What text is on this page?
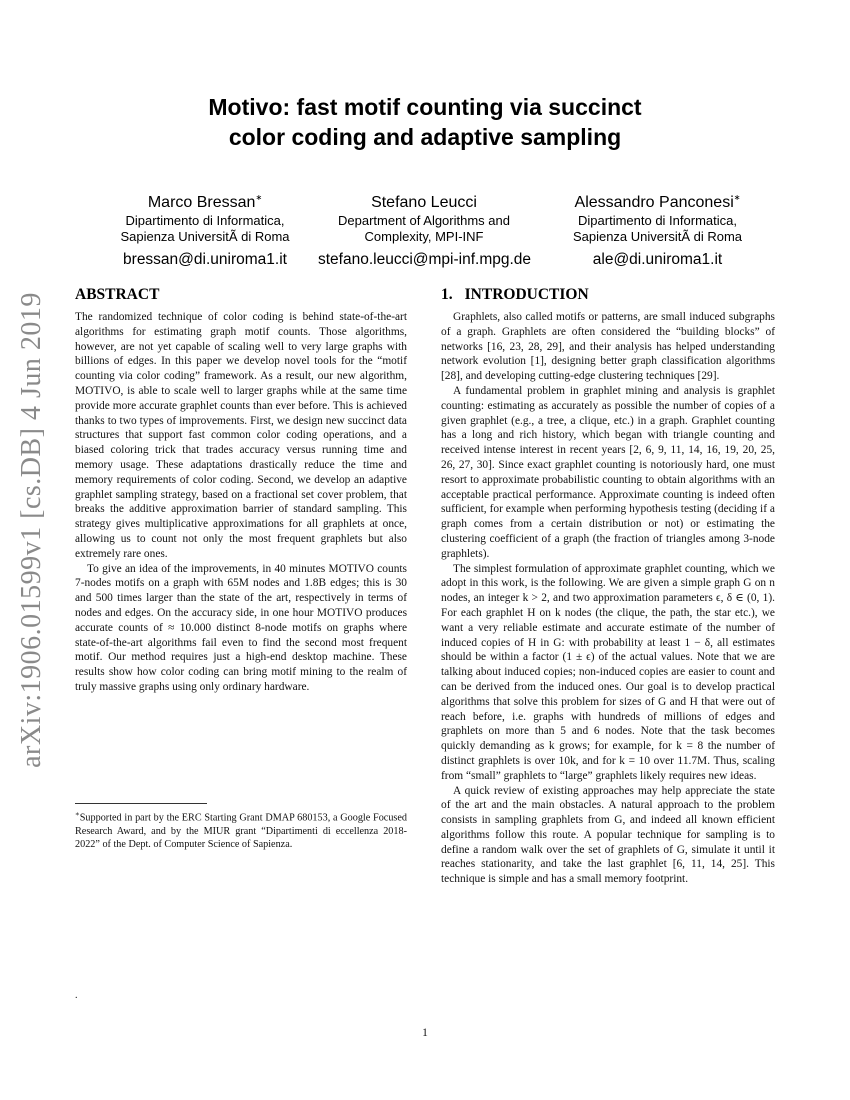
arXiv:1906.01599v1 [cs.DB] 4 Jun 2019
Motivo: fast motif counting via succinct
color coding and adaptive sampling
Marco Bressan∗
Dipartimento di Informatica,
Sapienza UniversitÃ di Roma
bressan@di.uniroma1.it
Stefano Leucci
Department of Algorithms and
Complexity, MPI-INF
stefano.leucci@mpi-inf.mpg.de
Alessandro Panconesi∗
Dipartimento di Informatica,
Sapienza UniversitÃ di Roma
ale@di.uniroma1.it
ABSTRACT

The randomized technique of color coding is behind state-of-the-art algorithms for estimating graph motif counts. Those algorithms, however, are not yet capable of scaling well to very large graphs with billions of edges. In this paper we develop novel tools for the “motif counting via color coding” framework. As a result, our new algorithm, MOTIVO, is able to scale well to larger graphs while at the same time provide more accurate graphlet counts than ever before. This is achieved thanks to two types of improvements. First, we design new succinct data structures that support fast common color coding operations, and a biased coloring trick that trades accuracy versus running time and memory usage. These adaptations drastically reduce the time and memory requirements of color coding. Second, we develop an adaptive graphlet sampling strategy, based on a fractional set cover problem, that breaks the additive approximation barrier of standard sampling. This strategy gives multiplicative approximations for all graphlets at once, allowing us to count not only the most frequent graphlets but also extremely rare ones.

To give an idea of the improvements, in 40 minutes MOTIVO counts 7-nodes motifs on a graph with 65M nodes and 1.8B edges; this is 30 and 500 times larger than the state of the art, respectively in terms of nodes and edges. On the accuracy side, in one hour MOTIVO produces accurate counts of ≈ 10.000 distinct 8-node motifs on graphs where state-of-the-art algorithms fail even to find the second most frequent motif. Our method requires just a high-end desktop machine. These results show how color coding can bring motif mining to the realm of truly massive graphs using only ordinary hardware.

∗Supported in part by the ERC Starting Grant DMAP 680153, a Google Focused Research Award, and by the MIUR grant “Dipartimenti di eccellenza 2018-2022” of the Dept. of Computer Science of Sapienza.
.
1. INTRODUCTION

Graphlets, also called motifs or patterns, are small induced subgraphs of a graph. Graphlets are often considered the “building blocks” of networks [16, 23, 28, 29], and their analysis has helped understanding network evolution [1], designing better graph classification algorithms [28], and developing cutting-edge clustering techniques [29].

A fundamental problem in graphlet mining and analysis is graphlet counting: estimating as accurately as possible the number of copies of a given graphlet (e.g., a tree, a clique, etc.) in a graph. Graphlet counting has a long and rich history, which began with triangle counting and received intense interest in recent years [2, 6, 9, 11, 14, 16, 19, 20, 25, 26, 27, 30]. Since exact graphlet counting is notoriously hard, one must resort to approximate probabilistic counting to obtain algorithms with an acceptable practical performance. Approximate counting is indeed often sufficient, for example when performing hypothesis testing (deciding if a graph comes from a certain distribution or not) or estimating the clustering coefficient of a graph (the fraction of triangles among 3-node graphlets).

The simplest formulation of approximate graphlet counting, which we adopt in this work, is the following. We are given a simple graph G on n nodes, an integer k > 2, and two approximation parameters ϵ, δ ∈ (0, 1). For each graphlet H on k nodes (the clique, the path, the star etc.), we want a very reliable estimate and accurate estimate of the number of induced copies of H in G: with probability at least 1 − δ, all estimates should be within a factor (1 ± ϵ) of the actual values. Note that we are talking about induced copies; non-induced copies are easier to count and can be derived from the induced ones. Our goal is to develop practical algorithms that solve this problem for sizes of G and H that were out of reach before, i.e. graphs with hundreds of millions of edges and graphlets on more than 5 and 6 nodes. Note that the task becomes quickly demanding as k grows; for example, for k = 8 the number of distinct graphlets is over 10k, and for k = 10 over 11.7M. Thus, scaling from “small” graphlets to “large” graphlets likely requires new ideas.

A quick review of existing approaches may help appreciate the state of the art and the main obstacles. A natural approach to the problem consists in sampling graphlets from G, and indeed all known efficient algorithms follow this route. A popular technique for sampling is to define a random walk over the set of graphlets of G, simulate it until it reaches stationarity, and take the last graphlet [6, 11, 14, 25]. This technique is simple and has a small memory footprint.

1
